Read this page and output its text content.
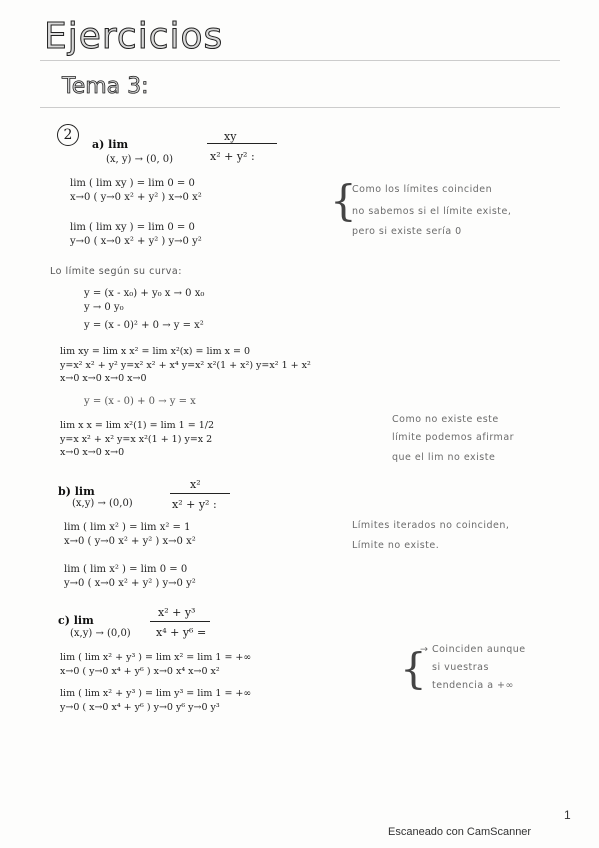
Ejercicios
Tema 3:
2
a) lim
(x, y) → (0, 0)
xy
x² + y² :
lim ( lim xy ) = lim 0 = 0
x→0 ( y→0 x² + y² ) x→0 x²
lim ( lim xy ) = lim 0 = 0
y→0 ( x→0 x² + y² ) y→0 y²
{
Como los límites coinciden
no sabemos si el límite existe,
pero si existe sería 0
Lo límite según su curva:
y = (x - x₀) + y₀ x → 0 x₀
y → 0 y₀
y = (x - 0)² + 0 → y = x²
lim xy = lim x x² = lim x²(x) = lim x = 0
y=x² x² + y² y=x² x² + x⁴ y=x² x²(1 + x²) y=x² 1 + x²
x→0 x→0 x→0 x→0
y = (x - 0) + 0 → y = x
lim x x = lim x²(1) = lim 1 = 1/2
y=x x² + x² y=x x²(1 + 1) y=x 2
x→0 x→0 x→0
Como no existe este
límite podemos afirmar
que el lim no existe
b) lim
(x,y) → (0,0)
x²
x² + y² :
lim ( lim x² ) = lim x² = 1
x→0 ( y→0 x² + y² ) x→0 x²
lim ( lim x² ) = lim 0 = 0
y→0 ( x→0 x² + y² ) y→0 y²
Límites iterados no coinciden,
Límite no existe.
c) lim
(x,y) → (0,0)
x² + y³
x⁴ + y⁶ =
lim ( lim x² + y³ ) = lim x² = lim 1 = +∞
x→0 ( y→0 x⁴ + y⁶ ) x→0 x⁴ x→0 x²
lim ( lim x² + y³ ) = lim y³ = lim 1 = +∞
y→0 ( x→0 x⁴ + y⁶ ) y→0 y⁶ y→0 y³
{
→ Coinciden aunque
si vuestras
tendencia a +∞
1
Escaneado con CamScanner
